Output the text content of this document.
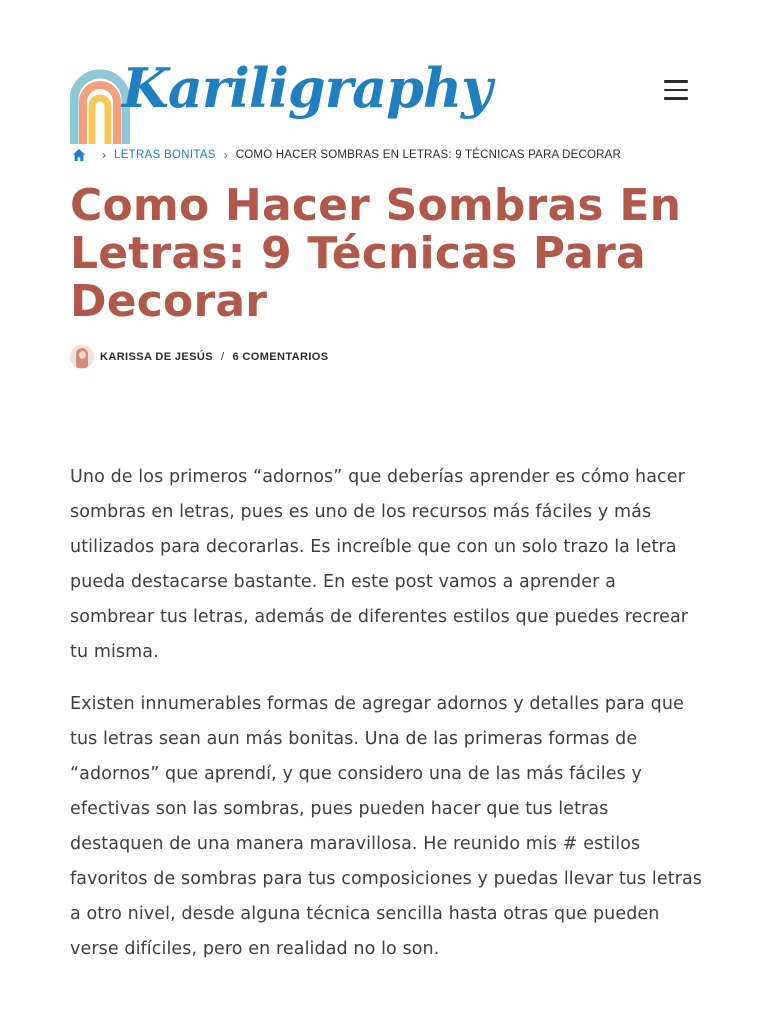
Kariligraphy
› LETRAS BONITAS › COMO HACER SOMBRAS EN LETRAS: 9 TÉCNICAS PARA DECORAR
Como Hacer Sombras En Letras: 9 Técnicas Para Decorar
KARISSA DE JESÚS / 6 COMENTARIOS

Uno de los primeros “adornos” que deberías aprender es cómo hacer sombras en letras, pues es uno de los recursos más fáciles y más utilizados para decorarlas. Es increíble que con un solo trazo la letra pueda destacarse bastante. En este post vamos a aprender a sombrear tus letras, además de diferentes estilos que puedes recrear tu misma.

Existen innumerables formas de agregar adornos y detalles para que tus letras sean aun más bonitas. Una de las primeras formas de “adornos” que aprendí, y que considero una de las más fáciles y efectivas son las sombras, pues pueden hacer que tus letras destaquen de una manera maravillosa. He reunido mis # estilos favoritos de sombras para tus composiciones y puedas llevar tus letras a otro nivel, desde alguna técnica sencilla hasta otras que pueden verse difíciles, pero en realidad no lo son.
